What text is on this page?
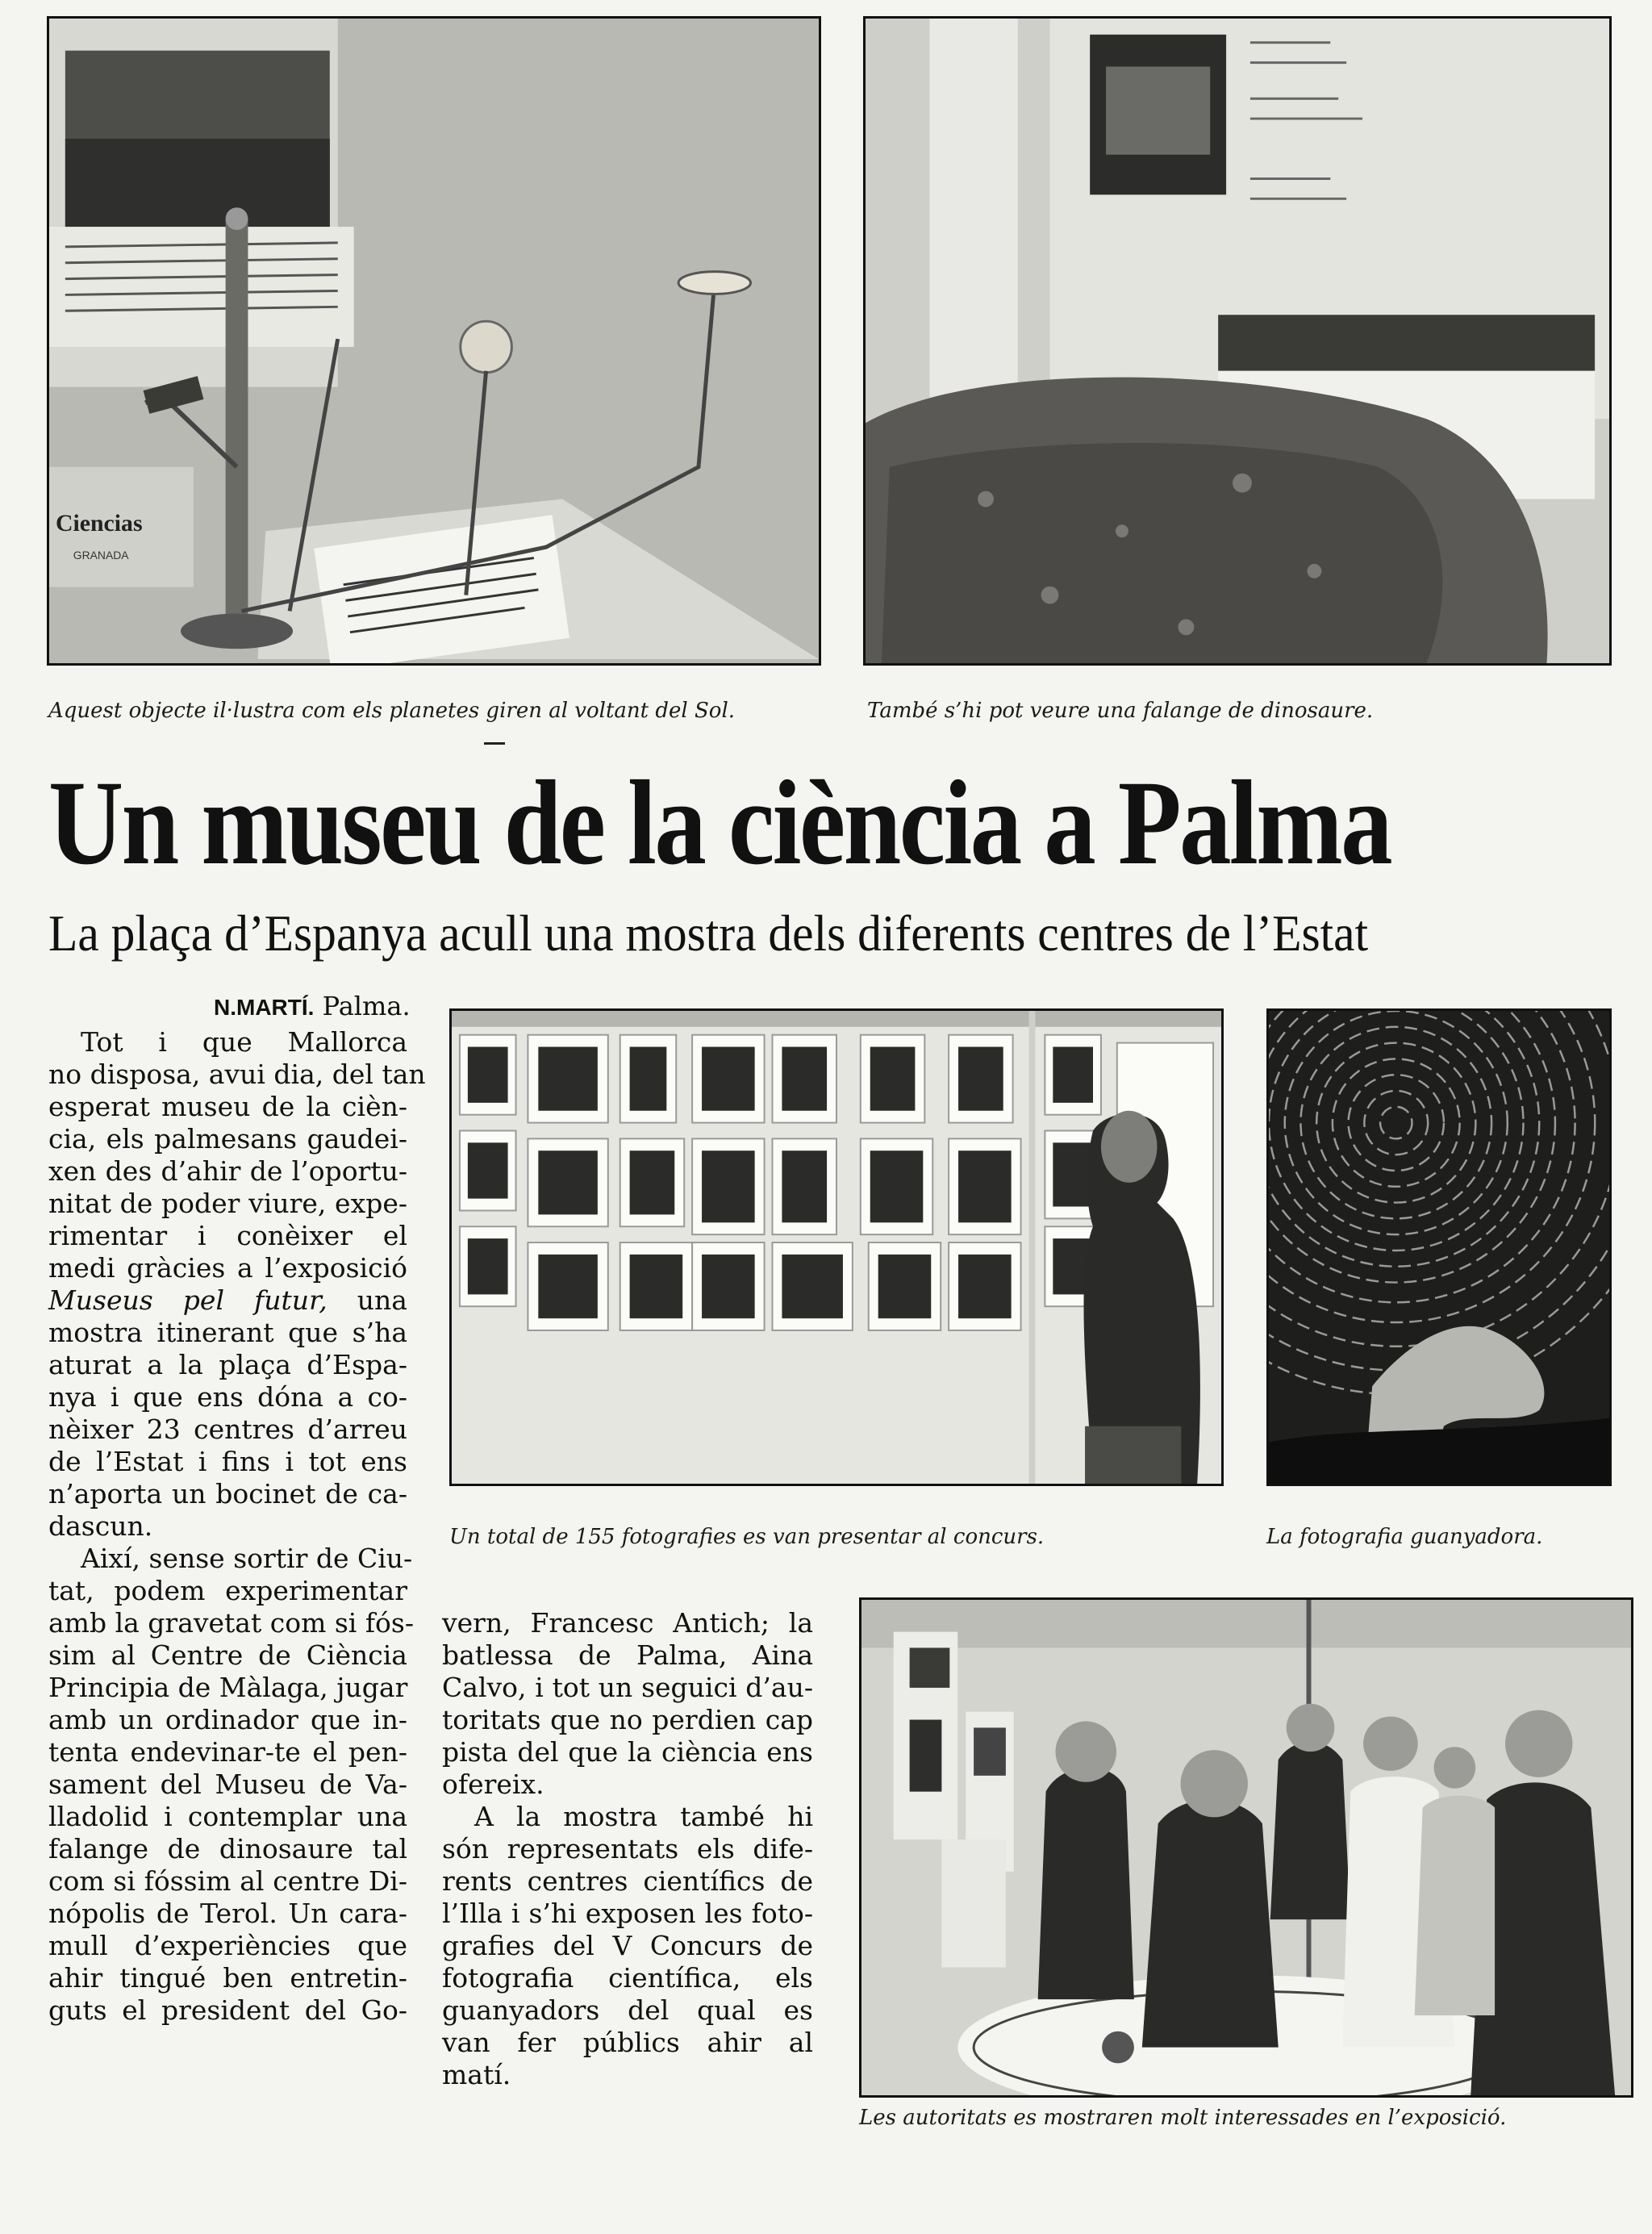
Ciencias
GRANADA
Aquest objecte il·lustra com els planetes giren al voltant del Sol.	També s’hi pot veure una falange de dinosaure.
Un museu de la ciència a Palma
La plaça d’Espanya acull una mostra dels diferents centres de l’Estat
N.MARTÍ. Palma.
Un total de 155 fotografies es van presentar al concurs.	La fotografia guanyadora.
Les autoritats es mostraren molt interessades en l’exposició.
Tot i que Mallorca
no disposa, avui dia, del tan
esperat museu de la cièn-
cia, els palmesans gaudei-
xen des d’ahir de l’oportu-
nitat de poder viure, expe-
rimentar i conèixer el
medi gràcies a l’exposició
Museus pel futur, una
mostra itinerant que s’ha
aturat a la plaça d’Espa-
nya i que ens dóna a co-
nèixer 23 centres d’arreu
de l’Estat i fins i tot ens
n’aporta un bocinet de ca-
dascun.
Així, sense sortir de Ciu-
tat, podem experimentar
amb la gravetat com si fós-
sim al Centre de Ciència
Principia de Màlaga, jugar
amb un ordinador que in-
tenta endevinar-te el pen-
sament del Museu de Va-
lladolid i contemplar una
falange de dinosaure tal
com si fóssim al centre Di-
nópolis de Terol. Un cara-
mull d’experiències que
ahir tingué ben entretin-
guts el president del Go-
vern, Francesc Antich; la
batlessa de Palma, Aina
Calvo, i tot un seguici d’au-
toritats que no perdien cap
pista del que la ciència ens
ofereix.
A la mostra també hi
són representats els dife-
rents centres científics de
l’Illa i s’hi exposen les foto-
grafies del V Concurs de
fotografia científica, els
guanyadors del qual es
van fer públics ahir al
matí.
